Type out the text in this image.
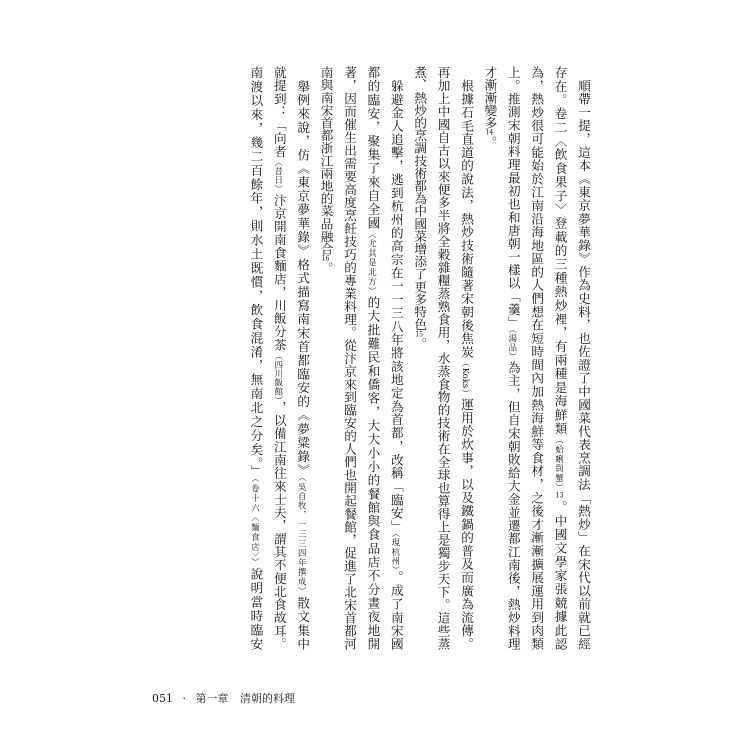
　順帶一提，這本《東京夢華錄》作為史料，也佐證了中國菜代表烹調法「熱炒」在宋代以前就已經
存在。卷二〈飲食果子〉登載的三種熱炒裡，有兩種是海鮮類（蛤蜊與蟹）13。中國文學家張競據此認
為，熱炒很可能始於江南沿海地區的人們想在短時間內加熱海鮮等食材，之後才漸漸擴展運用到肉類
上。推測宋朝料理最初也和唐朝一樣以「羹」（湯品）為主，但自宋朝敗給大金並遷都江南後，熱炒料理
才漸漸變多14。
　根據石毛直道的說法，熱炒技術隨著宋朝後焦炭（Koks）運用於炊事，以及鐵鍋的普及而廣為流傳。
再加上中國自古以來便多半將全穀雜糧蒸熟食用，水蒸食物的技術在全球也算得上是獨步天下。這些蒸
煮、熱炒的烹調技術都為中國菜增添了更多特色15。
　躲避金人追擊，逃到杭州的高宗在一一三八年將該地定為首都，改稱「臨安」（現杭州）。成了南宋國
都的臨安，聚集了來自全國（尤其是北方）的大批難民和僑客，大大小小的餐館與食品店不分晝夜地開
著，因而催生出需要高度烹飪技巧的專業料理。從汴京來到臨安的人們也開起餐館，促進了北宋首都河
南與南宋首都浙江兩地的菜品融合16。
　舉例來說，仿《東京夢華錄》格式描寫南宋首都臨安的《夢粱錄》（吳自牧，一三三四年撰成）散文集中
就提到：「向者（昔日）汴京開南食麵店，川飯分茶（四川飯館），以備江南往來士夫，謂其不便北食故耳。
南渡以來，幾二百餘年，則水土既慣，飲食混淆，無南北之分矣。」（卷十六〈麵食店〉）說明當時臨安
051 · 第一章 清朝的料理
